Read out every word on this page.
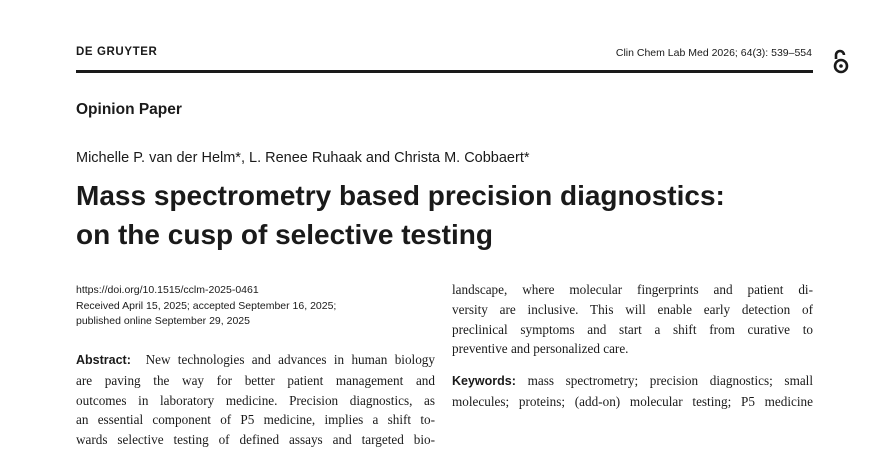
DE GRUYTER	Clin Chem Lab Med 2026; 64(3): 539–554
Opinion Paper
Michelle P. van der Helm*, L. Renee Ruhaak and Christa M. Cobbaert*
Mass spectrometry based precision diagnostics:
on the cusp of selective testing
https://doi.org/10.1515/cclm-2025-0461
Received April 15, 2025; accepted September 16, 2025;
published online September 29, 2025
Abstract: New technologies and advances in human biology
are paving the way for better patient management and
outcomes in laboratory medicine. Precision diagnostics, as
an essential component of P5 medicine, implies a shift to-
wards selective testing of defined assays and targeted bio-
landscape, where molecular fingerprints and patient di-
versity are inclusive. This will enable early detection of
preclinical symptoms and start a shift from curative to
preventive and personalized care.
Keywords: mass spectrometry; precision diagnostics; small
molecules; proteins; (add-on) molecular testing; P5 medicine
